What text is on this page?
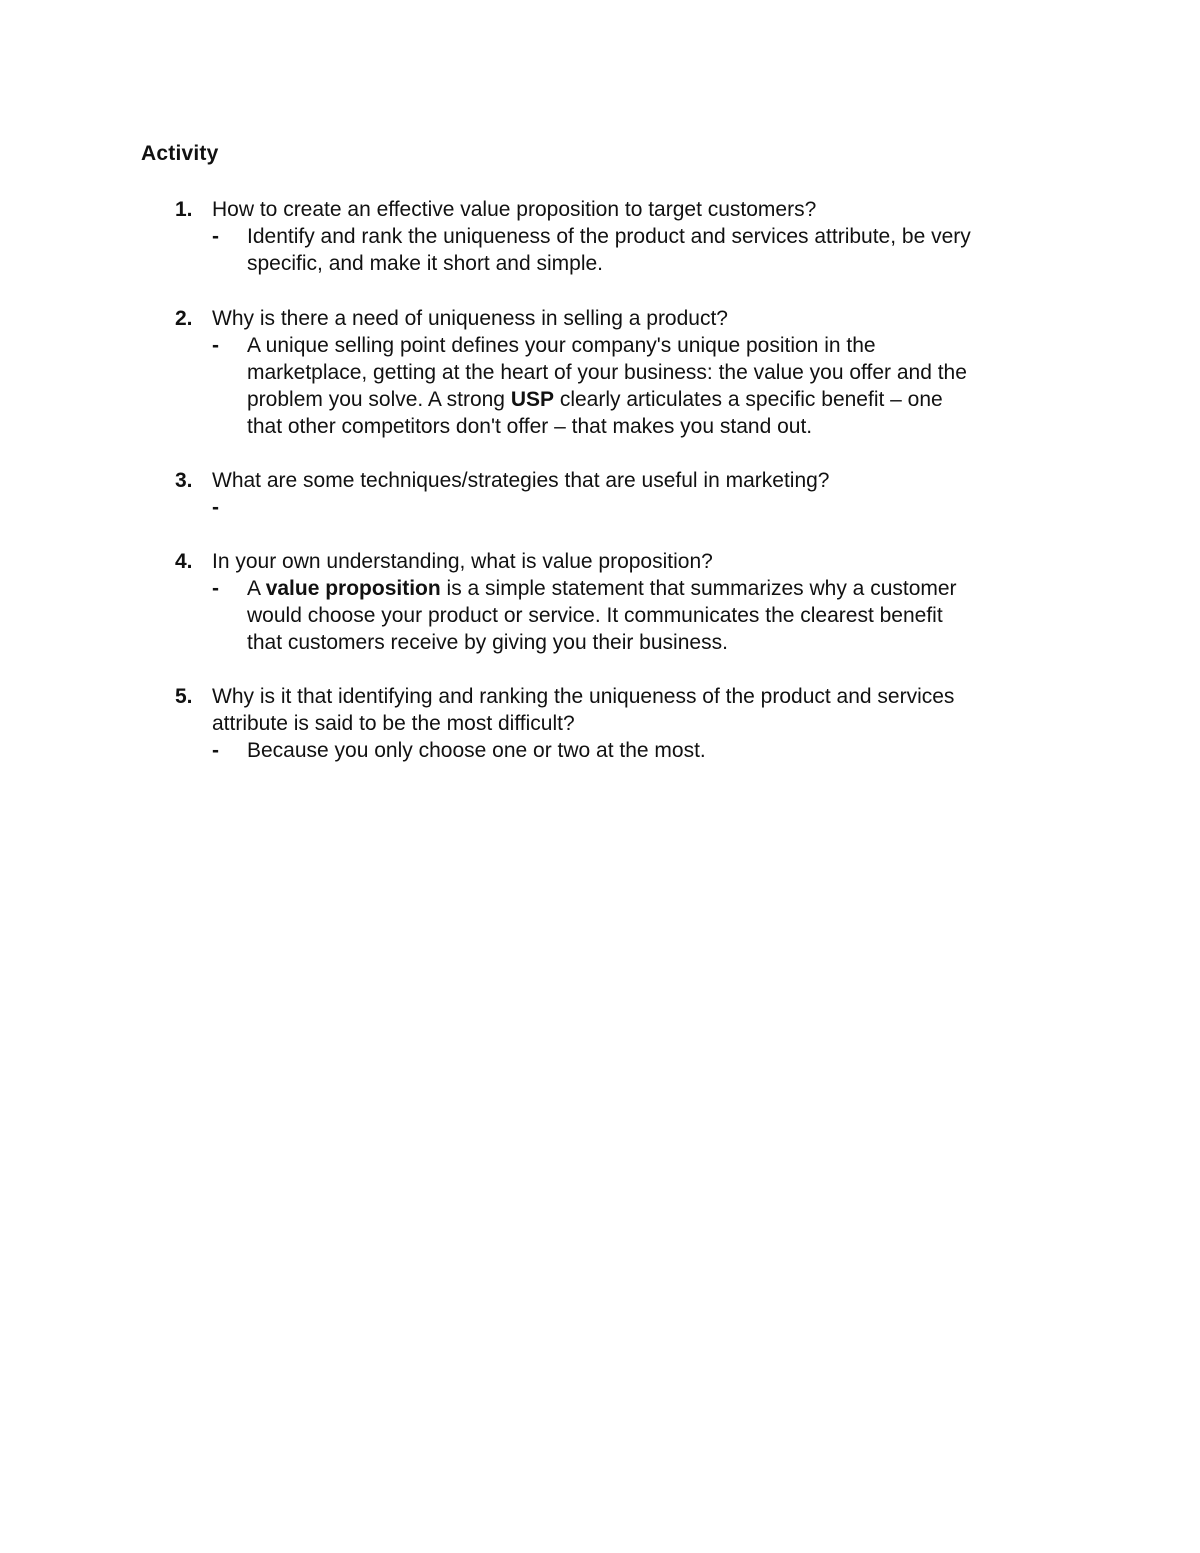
Activity
1. How to create an effective value proposition to target customers?
- Identify and rank the uniqueness of the product and services attribute, be very
specific, and make it short and simple.
2. Why is there a need of uniqueness in selling a product?
- A unique selling point defines your company's unique position in the
marketplace, getting at the heart of your business: the value you offer and the
problem you solve. A strong USP clearly articulates a specific benefit – one
that other competitors don't offer – that makes you stand out.
3. What are some techniques/strategies that are useful in marketing?
-
4. In your own understanding, what is value proposition?
- A value proposition is a simple statement that summarizes why a customer
would choose your product or service. It communicates the clearest benefit
that customers receive by giving you their business.
5. Why is it that identifying and ranking the uniqueness of the product and services
attribute is said to be the most difficult?
- Because you only choose one or two at the most.
